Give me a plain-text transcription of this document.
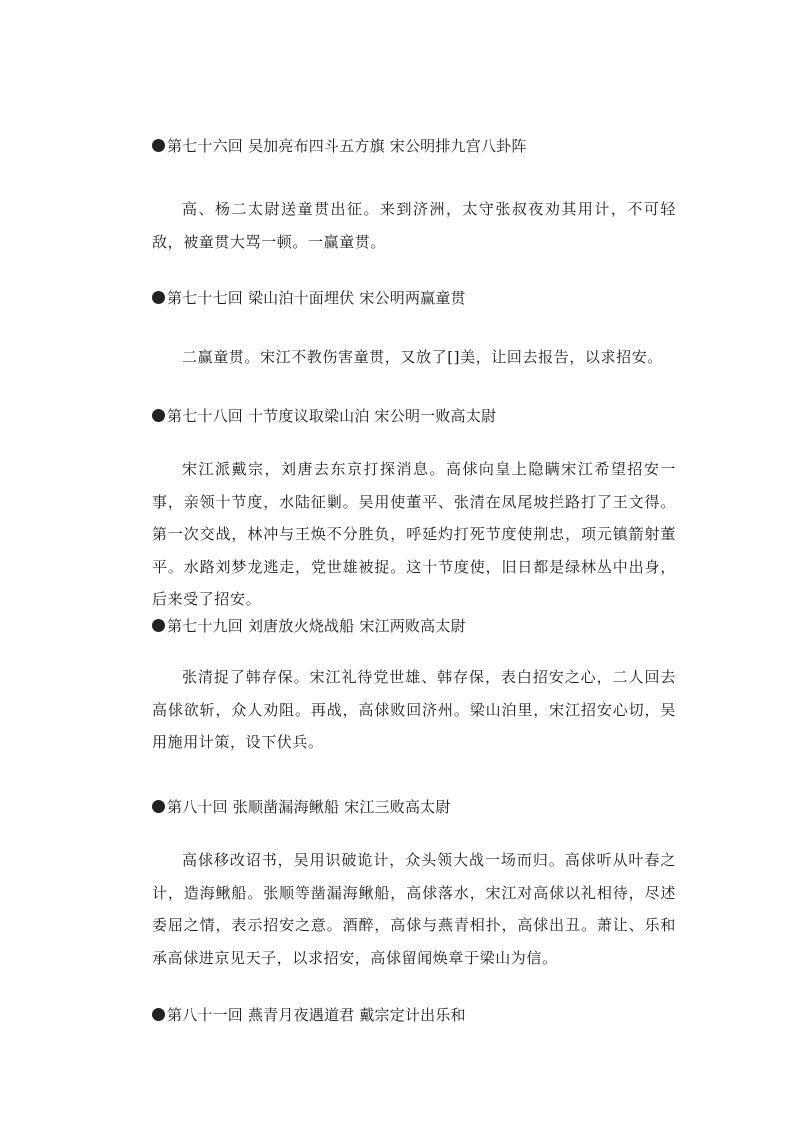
第七十六回 吴加亮布四斗五方旗 宋公明排九宫八卦阵
高、杨二太尉送童贯出征。来到济洲，太守张叔夜劝其用计，不可轻敌，被童贯大骂一顿。一赢童贯。
第七十七回 梁山泊十面埋伏 宋公明两赢童贯
二赢童贯。宋江不教伤害童贯，又放了[]美，让回去报告，以求招安。
第七十八回 十节度议取梁山泊 宋公明一败高太尉
宋江派戴宗，刘唐去东京打探消息。高俅向皇上隐瞒宋江希望招安一事，亲领十节度，水陆征剿。吴用使董平、张清在凤尾坡拦路打了王文得。第一次交战，林冲与王焕不分胜负，呼延灼打死节度使荆忠，项元镇箭射董平。水路刘梦龙逃走，党世雄被捉。这十节度使，旧日都是绿林丛中出身，后来受了招安。
第七十九回 刘唐放火烧战船 宋江两败高太尉
张清捉了韩存保。宋江礼待党世雄、韩存保，表白招安之心，二人回去高俅欲斩，众人劝阻。再战，高俅败回济州。梁山泊里，宋江招安心切，吴用施用计策，设下伏兵。
第八十回 张顺凿漏海鳅船 宋江三败高太尉
高俅移改诏书，吴用识破诡计，众头领大战一场而归。高俅听从叶春之计，造海鳅船。张顺等凿漏海鳅船，高俅落水，宋江对高俅以礼相待，尽述委屈之情，表示招安之意。酒醉，高俅与燕青相扑，高俅出丑。萧让、乐和承高俅进京见天子，以求招安，高俅留闻焕章于梁山为信。
第八十一回 燕青月夜遇道君 戴宗定计出乐和
